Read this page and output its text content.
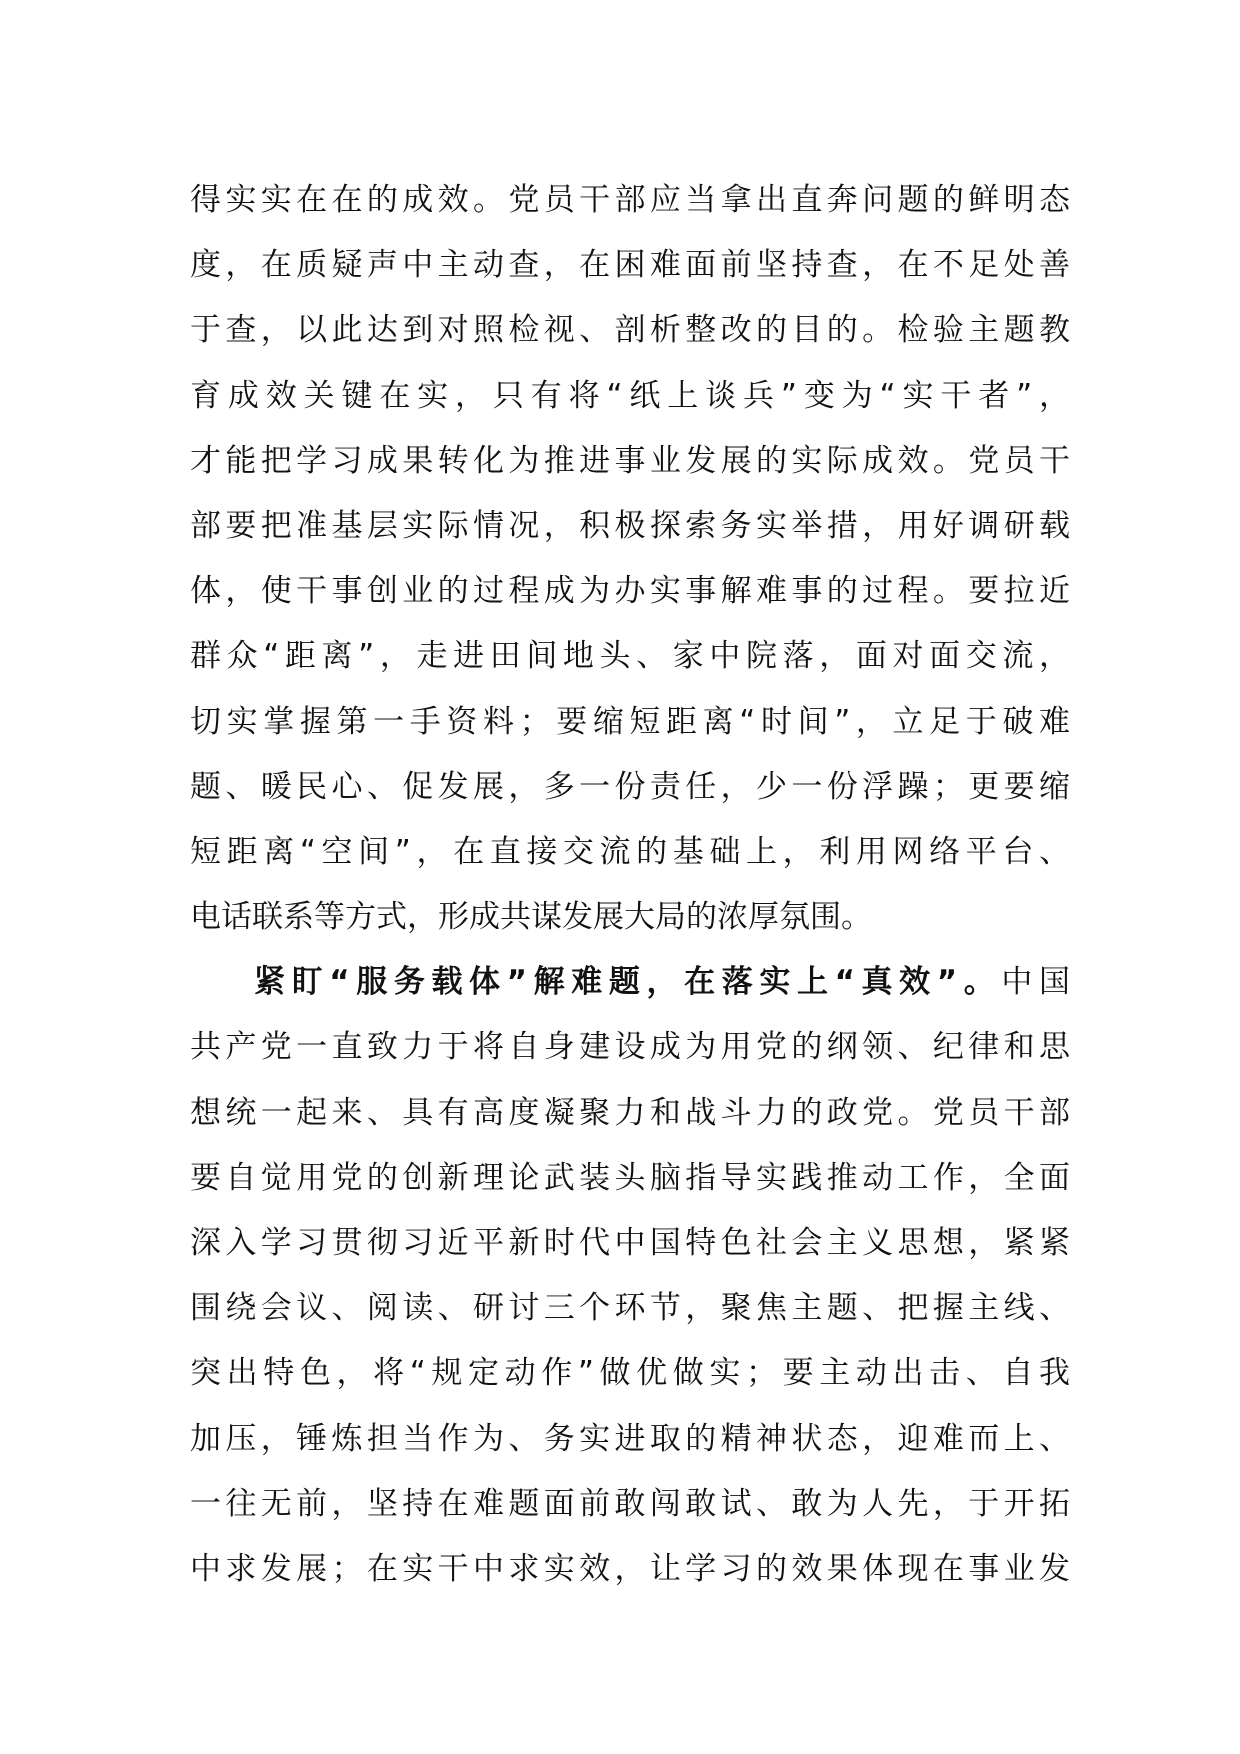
得实实在在的成效。党员干部应当拿出直奔问题的鲜明态
度，在质疑声中主动查，在困难面前坚持查，在不足处善
于查，以此达到对照检视、剖析整改的目的。检验主题教
育成效关键在实，只有将“纸上谈兵”变为“实干者”，
才能把学习成果转化为推进事业发展的实际成效。党员干
部要把准基层实际情况，积极探索务实举措，用好调研载
体，使干事创业的过程成为办实事解难事的过程。要拉近
群众“距离”，走进田间地头、家中院落，面对面交流，
切实掌握第一手资料；要缩短距离“时间”，立足于破难
题、暖民心、促发展，多一份责任，少一份浮躁；更要缩
短距离“空间”，在直接交流的基础上，利用网络平台、
电话联系等方式，形成共谋发展大局的浓厚氛围。
紧盯“服务载体”解难题，在落实上“真效”。中国
共产党一直致力于将自身建设成为用党的纲领、纪律和思
想统一起来、具有高度凝聚力和战斗力的政党。党员干部
要自觉用党的创新理论武装头脑指导实践推动工作，全面
深入学习贯彻习近平新时代中国特色社会主义思想，紧紧
围绕会议、阅读、研讨三个环节，聚焦主题、把握主线、
突出特色，将“规定动作”做优做实；要主动出击、自我
加压，锤炼担当作为、务实进取的精神状态，迎难而上、
一往无前，坚持在难题面前敢闯敢试、敢为人先，于开拓
中求发展；在实干中求实效，让学习的效果体现在事业发
